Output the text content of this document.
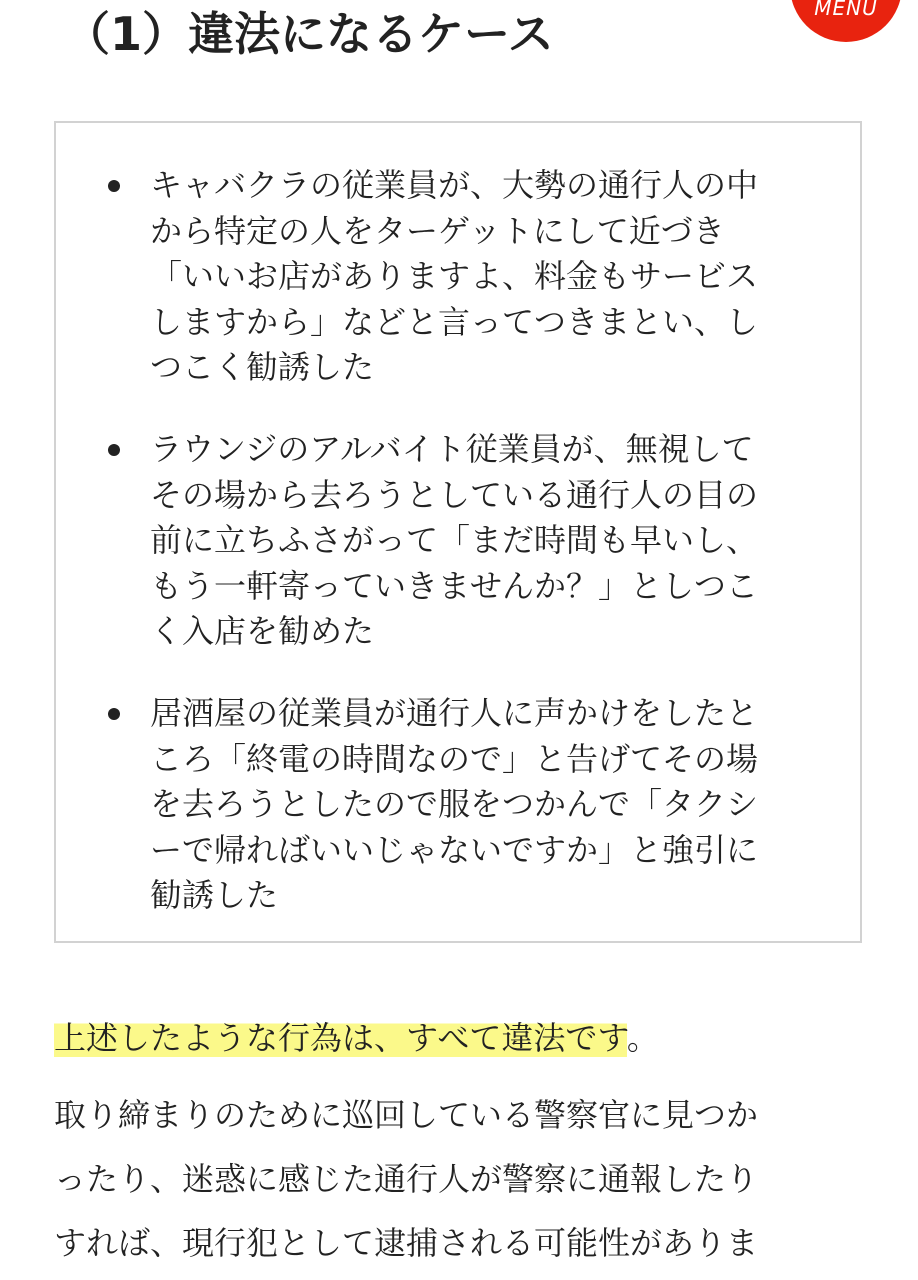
（1）違法になるケース	MENU
キャバクラの従業員が、大勢の通行人の中
から特定の人をターゲットにして近づき
「いいお店がありますよ、料金もサービス
しますから」などと言ってつきまとい、し
つこく勧誘した
ラウンジのアルバイト従業員が、無視して
その場から去ろうとしている通行人の目の
前に立ちふさがって「まだ時間も早いし、
もう一軒寄っていきませんか？」としつこ
く入店を勧めた
居酒屋の従業員が通行人に声かけをしたと
ころ「終電の時間なので」と告げてその場
を去ろうとしたので服をつかんで「タクシ
ーで帰ればいいじゃないですか」と強引に
勧誘した

上述したような行為は、すべて違法です。

取り締まりのために巡回している警察官に見つか
ったり、迷惑に感じた通行人が警察に通報したり
すれば、現行犯として逮捕される可能性がありま
